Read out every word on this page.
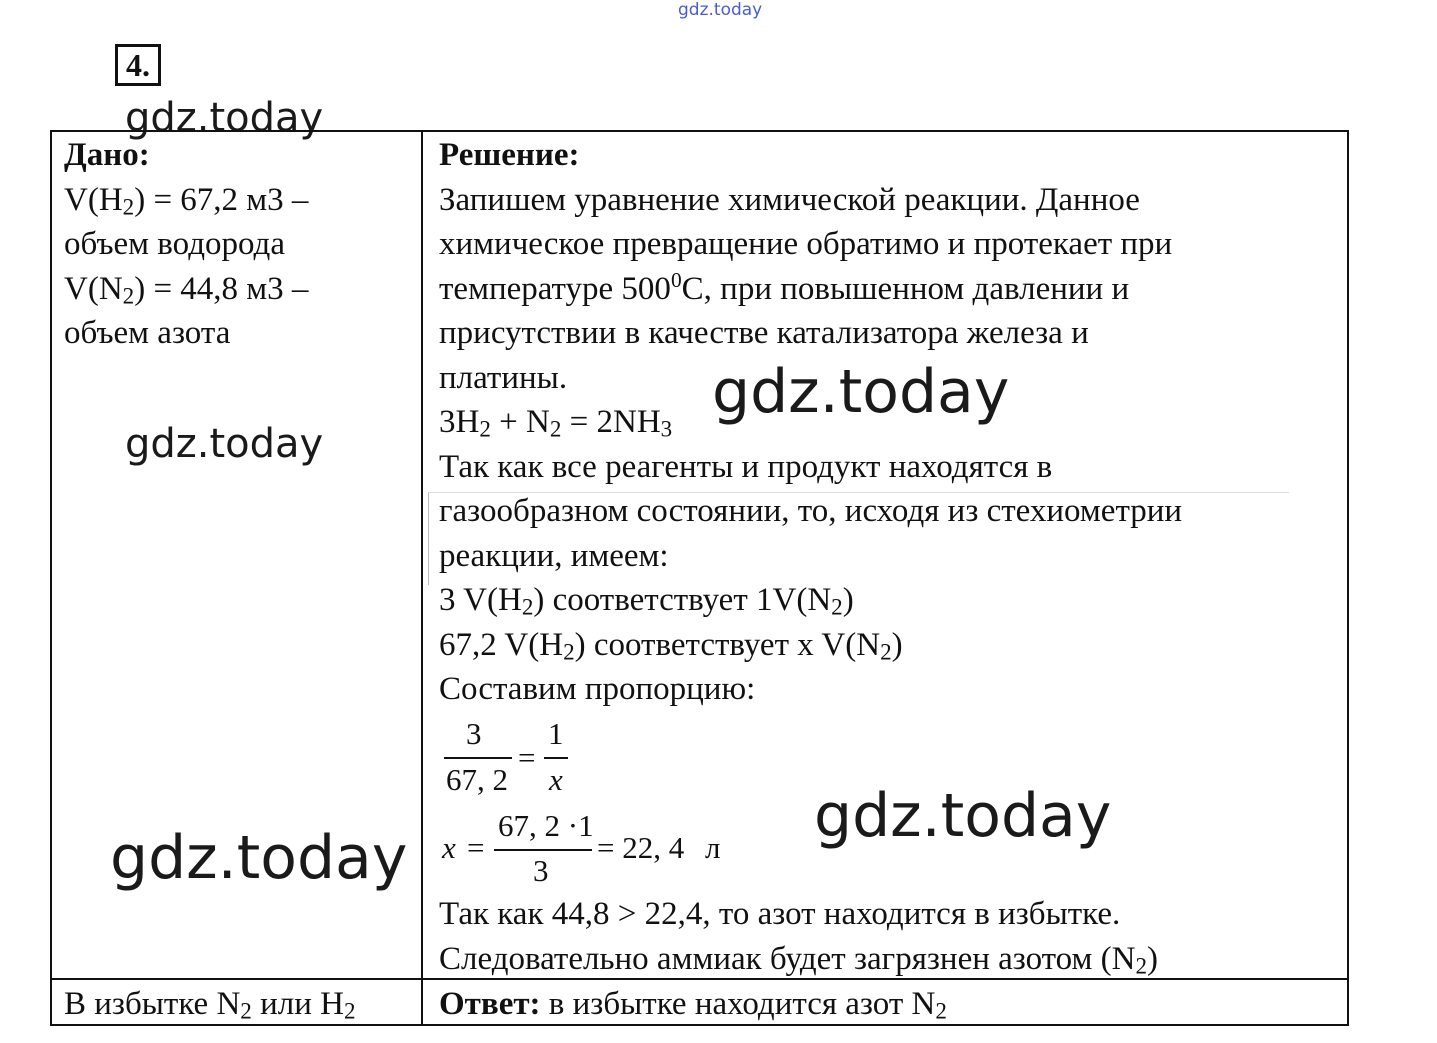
gdz.today
gdz.today
gdz.today
gdz.today
gdz.today
4.
Дано:
$V(H_2) = 67,2$ м3 –
объем водорода
$V(N_2) = 44,8$ м3 –
объем азота
Решение:
Запишем уравнение химической реакции. Данное
химическое превращение обратимо и протекает при
температуре $500^0С$, при повышенном давлении и
присутствии в качестве катализатора железа и
платины.
$3H_2 + N_2 = 2NH_3$
Так как все реагенты и продукт находятся в
газообразном состоянии, то, исходя из стехиометрии
реакции, имеем:
3 $V(H_2)$ соответствует $1V(N_2)$
67,2 $V(H_2)$ соответствует x $V(N_2)$
Составим пропорцию:
3
67, 2
=
1
x
x =
67, 2 ·1
3
= 22, 4 л
gdz.today
Так как 44,8 > 22,4, то азот находится в избытке.
Следовательно аммиак будет загрязнен азотом $(N_2)$
В избытке $N_2$ или $H_2$	Ответ: в избытке находится азот $N_2$
